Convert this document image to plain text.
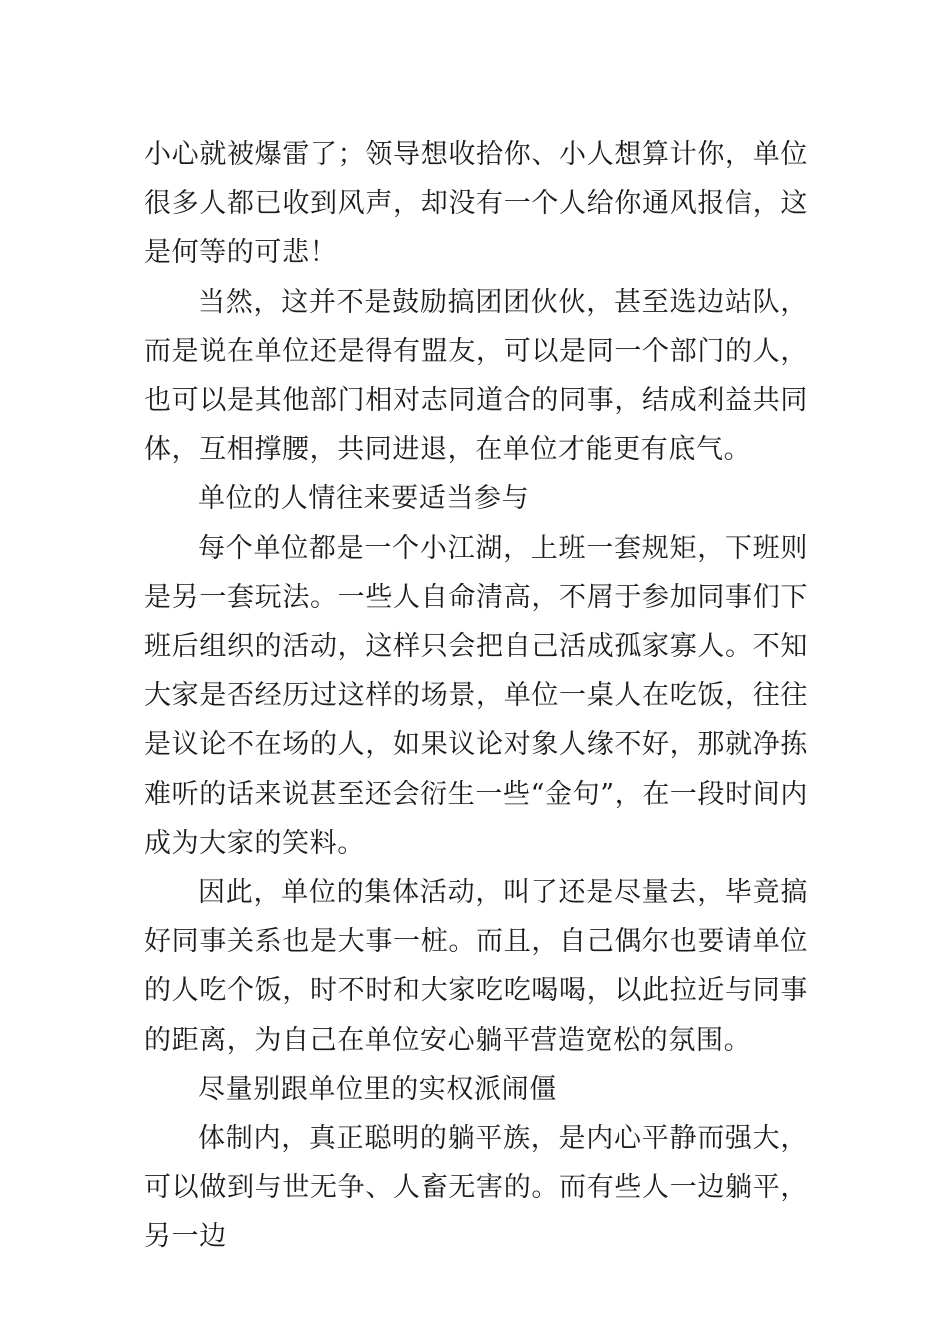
小心就被爆雷了；领导想收拾你、小人想算计你，单位很多人都已收到风声，却没有一个人给你通风报信，这是何等的可悲！

当然，这并不是鼓励搞团团伙伙，甚至选边站队，而是说在单位还是得有盟友，可以是同一个部门的人，也可以是其他部门相对志同道合的同事，结成利益共同体，互相撑腰，共同进退，在单位才能更有底气。

单位的人情往来要适当参与

每个单位都是一个小江湖，上班一套规矩，下班则是另一套玩法。一些人自命清高，不屑于参加同事们下班后组织的活动，这样只会把自己活成孤家寡人。不知大家是否经历过这样的场景，单位一桌人在吃饭，往往是议论不在场的人，如果议论对象人缘不好，那就净拣难听的话来说甚至还会衍生一些“金句”，在一段时间内成为大家的笑料。

因此，单位的集体活动，叫了还是尽量去，毕竟搞好同事关系也是大事一桩。而且，自己偶尔也要请单位的人吃个饭，时不时和大家吃吃喝喝，以此拉近与同事的距离，为自己在单位安心躺平营造宽松的氛围。

尽量别跟单位里的实权派闹僵

体制内，真正聪明的躺平族，是内心平静而强大，可以做到与世无争、人畜无害的。而有些人一边躺平，另一边
